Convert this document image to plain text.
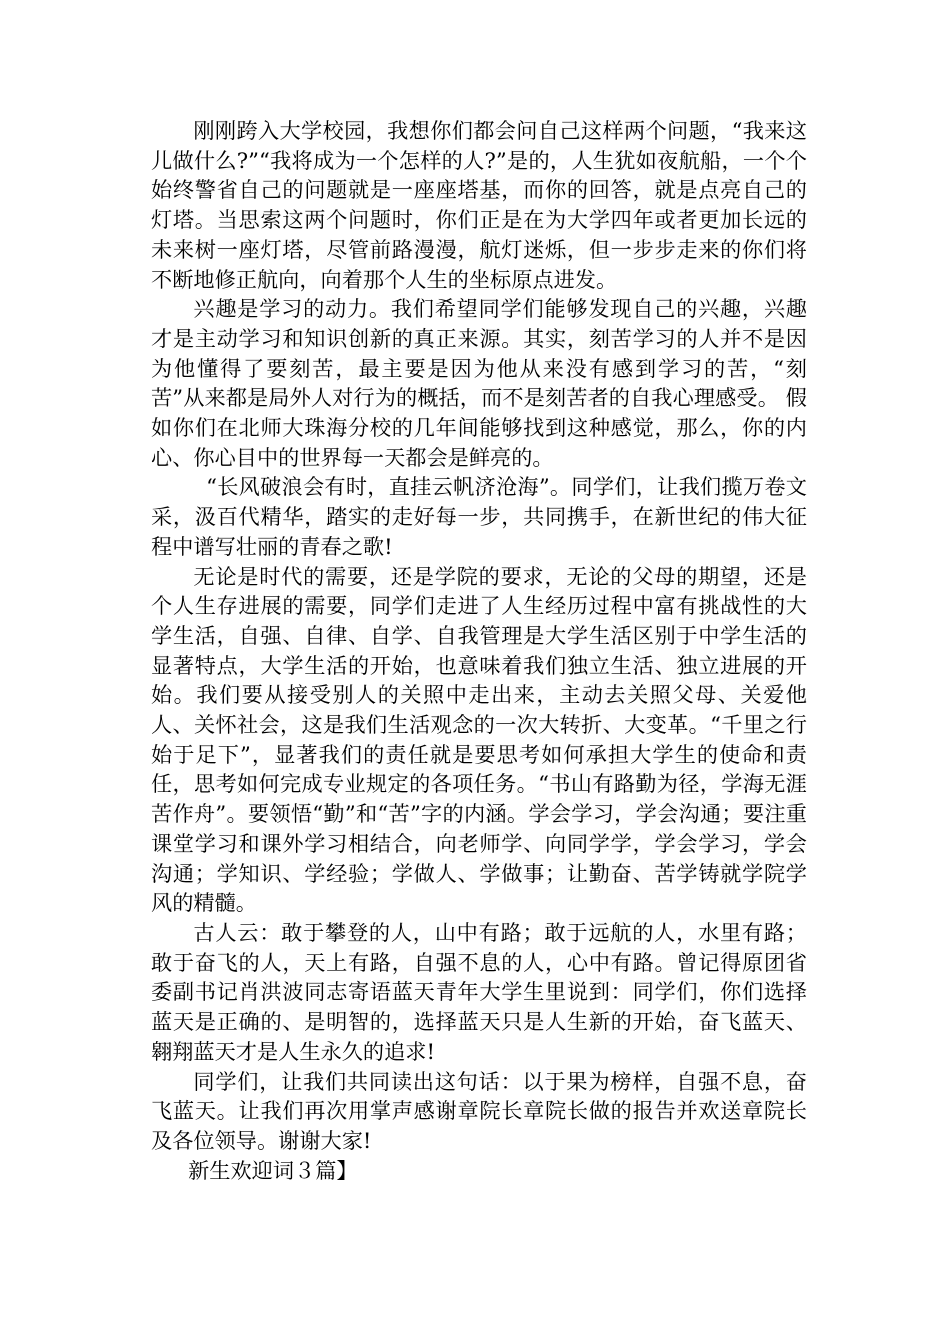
刚刚跨入大学校园，我想你们都会问自己这样两个问题，“我来这儿做什么?”“我将成为一个怎样的人?”是的，人生犹如夜航船，一个个始终警省自己的问题就是一座座塔基，而你的回答，就是点亮自己的灯塔。当思索这两个问题时，你们正是在为大学四年或者更加长远的未来树一座灯塔，尽管前路漫漫，航灯迷烁，但一步步走来的你们将不断地修正航向，向着那个人生的坐标原点进发。

兴趣是学习的动力。我们希望同学们能够发现自己的兴趣，兴趣才是主动学习和知识创新的真正来源。其实，刻苦学习的人并不是因为他懂得了要刻苦，最主要是因为他从来没有感到学习的苦，“刻苦”从来都是局外人对行为的概括，而不是刻苦者的自我心理感受。 假如你们在北师大珠海分校的几年间能够找到这种感觉，那么，你的内心、你心目中的世界每一天都会是鲜亮的。

“长风破浪会有时，直挂云帆济沧海”。同学们，让我们揽万卷文采，汲百代精华，踏实的走好每一步，共同携手，在新世纪的伟大征程中谱写壮丽的青春之歌!

无论是时代的需要，还是学院的要求，无论的父母的期望，还是个人生存进展的需要，同学们走进了人生经历过程中富有挑战性的大学生活，自强、自律、自学、自我管理是大学生活区别于中学生活的显著特点，大学生活的开始，也意味着我们独立生活、独立进展的开始。我们要从接受别人的关照中走出来，主动去关照父母、关爱他人、关怀社会，这是我们生活观念的一次大转折、大变革。“千里之行始于足下”，显著我们的责任就是要思考如何承担大学生的使命和责任，思考如何完成专业规定的各项任务。“书山有路勤为径，学海无涯苦作舟”。要领悟“勤”和“苦”字的内涵。学会学习，学会沟通；要注重课堂学习和课外学习相结合，向老师学、向同学学，学会学习，学会沟通；学知识、学经验；学做人、学做事；让勤奋、苦学铸就学院学风的精髓。

古人云：敢于攀登的人，山中有路；敢于远航的人，水里有路；敢于奋飞的人，天上有路，自强不息的人，心中有路。曾记得原团省委副书记肖洪波同志寄语蓝天青年大学生里说到：同学们，你们选择蓝天是正确的、是明智的，选择蓝天只是人生新的开始，奋飞蓝天、翱翔蓝天才是人生永久的追求!

同学们，让我们共同读出这句话：以于果为榜样，自强不息，奋飞蓝天。让我们再次用掌声感谢章院长章院长做的报告并欢送章院长及各位领导。谢谢大家!

新生欢迎词３篇】
